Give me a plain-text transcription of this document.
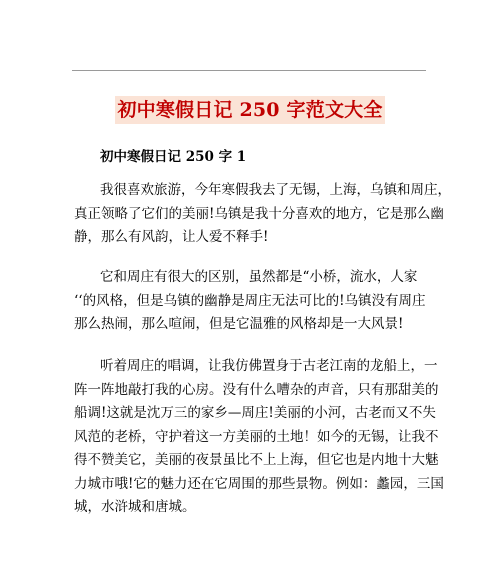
初中寒假日记 250 字范文大全
初中寒假日记 250 字 1

我很喜欢旅游，今年寒假我去了无锡，上海，乌镇和周庄，
真正领略了它们的美丽!乌镇是我十分喜欢的地方，它是那么幽
静，那么有风韵，让人爱不释手!

它和周庄有很大的区别，虽然都是“小桥，流水，人家
‘‘的风格，但是乌镇的幽静是周庄无法可比的!乌镇没有周庄
那么热闹，那么喧闹，但是它温雅的风格却是一大风景!

听着周庄的唱调，让我仿佛置身于古老江南的龙船上，一
阵一阵地敲打我的心房。没有什么嘈杂的声音，只有那甜美的
船调!这就是沈万三的家乡—周庄!美丽的小河，古老而又不失
风范的老桥，守护着这一方美丽的土地！如今的无锡，让我不
得不赞美它，美丽的夜景虽比不上上海，但它也是内地十大魅
力城市哦!它的魅力还在它周围的那些景物。例如：蠡园，三国
城，水浒城和唐城。
